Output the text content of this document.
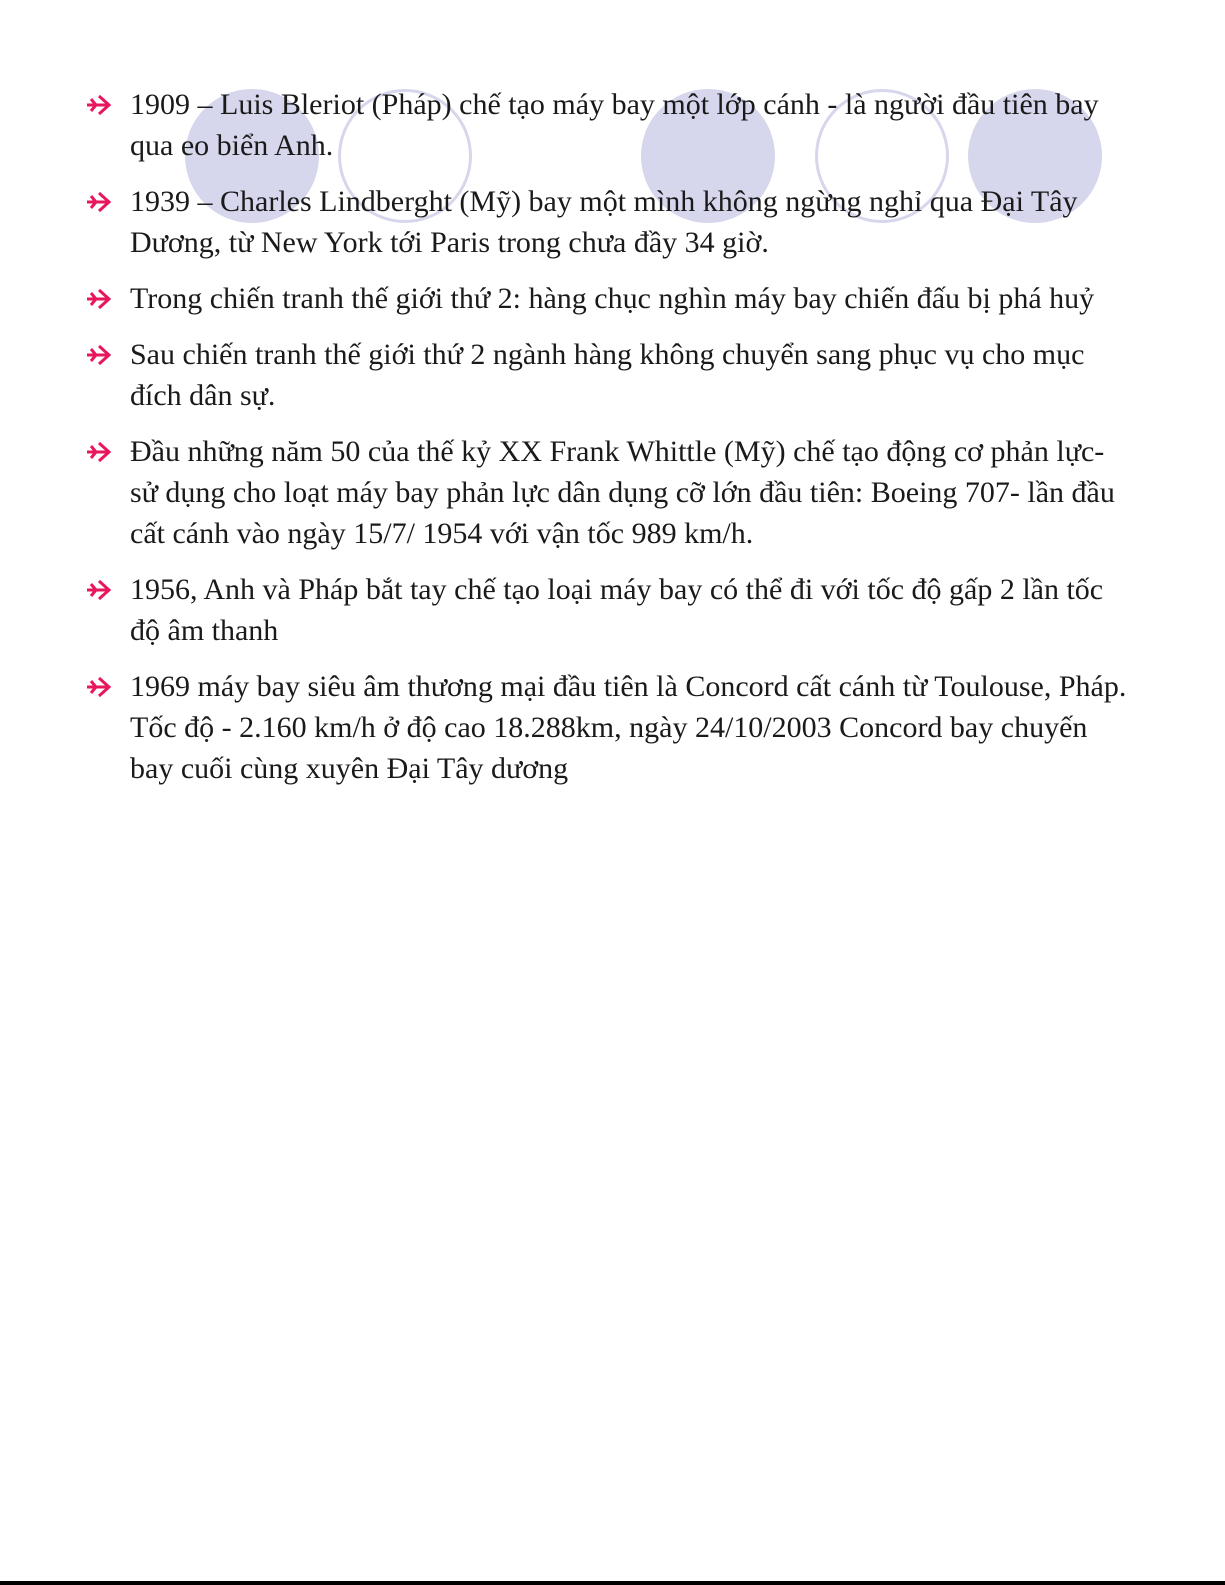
1909 – Luis Bleriot (Pháp) chế tạo máy bay một lớp cánh - là người đầu tiên bay qua eo biển Anh.
1939 – Charles Lindberght (Mỹ) bay một mình không ngừng nghỉ qua Đại Tây Dương, từ New York tới Paris trong chưa đầy 34 giờ.
Trong chiến tranh thế giới thứ 2: hàng chục nghìn máy bay chiến đấu bị phá huỷ
Sau chiến tranh thế giới thứ 2 ngành hàng không chuyển sang phục vụ cho mục đích dân sự.
Đầu những năm 50 của thế kỷ XX Frank Whittle (Mỹ) chế tạo động cơ phản lực- sử dụng cho loạt máy bay phản lực dân dụng cỡ lớn đầu tiên: Boeing 707- lần đầu cất cánh vào ngày 15/7/ 1954 với vận tốc 989 km/h.
1956, Anh và Pháp bắt tay chế tạo loại máy bay có thể đi với tốc độ gấp 2 lần tốc độ âm thanh
1969 máy bay siêu âm thương mại đầu tiên là Concord cất cánh từ Toulouse, Pháp. Tốc độ - 2.160 km/h ở độ cao 18.288km, ngày 24/10/2003 Concord bay chuyến bay cuối cùng xuyên Đại Tây dương
